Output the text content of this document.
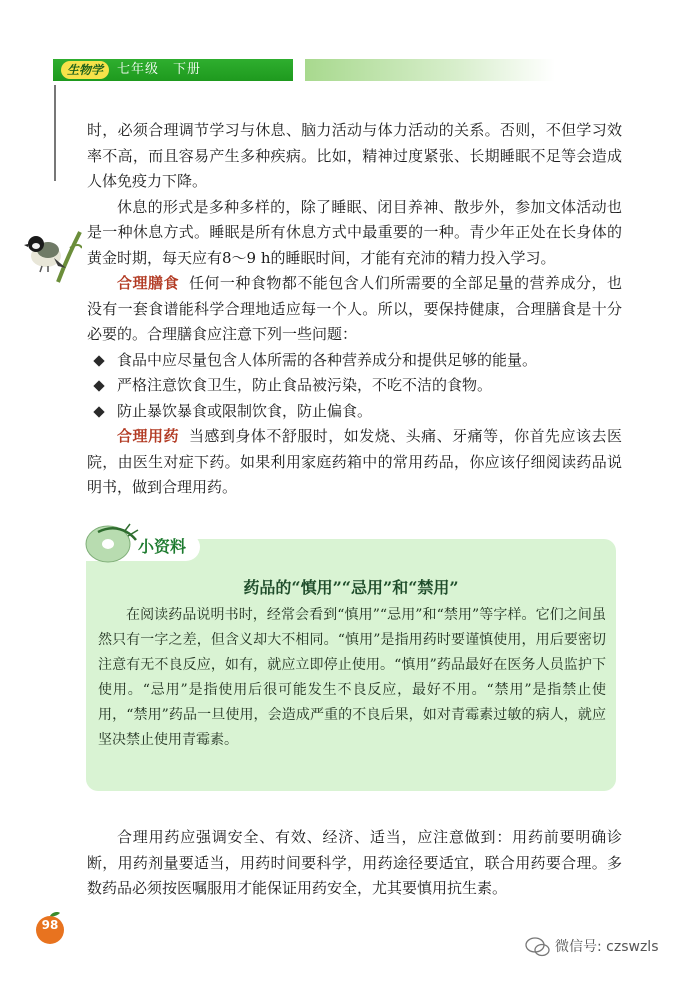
生物学	七年级　下册

时，必须合理调节学习与休息、脑力活动与体力活动的关系。否则，不但学习效率不高，而且容易产生多种疾病。比如，精神过度紧张、长期睡眠不足等会造成人体免疫力下降。

休息的形式是多种多样的，除了睡眠、闭目养神、散步外，参加文体活动也是一种休息方式。睡眠是所有休息方式中最重要的一种。青少年正处在长身体的黄金时期，每天应有8～9 h的睡眠时间，才能有充沛的精力投入学习。

合理膳食 任何一种食物都不能包含人们所需要的全部足量的营养成分，也没有一套食谱能科学合理地适应每一个人。所以，要保持健康，合理膳食是十分必要的。合理膳食应注意下列一些问题：

食品中应尽量包含人体所需的各种营养成分和提供足够的能量。
严格注意饮食卫生，防止食品被污染，不吃不洁的食物。
防止暴饮暴食或限制饮食，防止偏食。

合理用药 当感到身体不舒服时，如发烧、头痛、牙痛等，你首先应该去医院，由医生对症下药。如果利用家庭药箱中的常用药品，你应该仔细阅读药品说明书，做到合理用药。

小资料
药品的“慎用”“忌用”和“禁用”

在阅读药品说明书时，经常会看到“慎用”“忌用”和“禁用”等字样。它们之间虽然只有一字之差，但含义却大不相同。“慎用”是指用药时要谨慎使用，用后要密切注意有无不良反应，如有，就应立即停止使用。“慎用”药品最好在医务人员监护下使用。“忌用”是指使用后很可能发生不良反应，最好不用。“禁用”是指禁止使用，“禁用”药品一旦使用，会造成严重的不良后果，如对青霉素过敏的病人，就应坚决禁止使用青霉素。

合理用药应强调安全、有效、经济、适当，应注意做到：用药前要明确诊断，用药剂量要适当，用药时间要科学，用药途径要适宜，联合用药要合理。多数药品必须按医嘱服用才能保证用药安全，尤其要慎用抗生素。

98
微信号: czswzls
